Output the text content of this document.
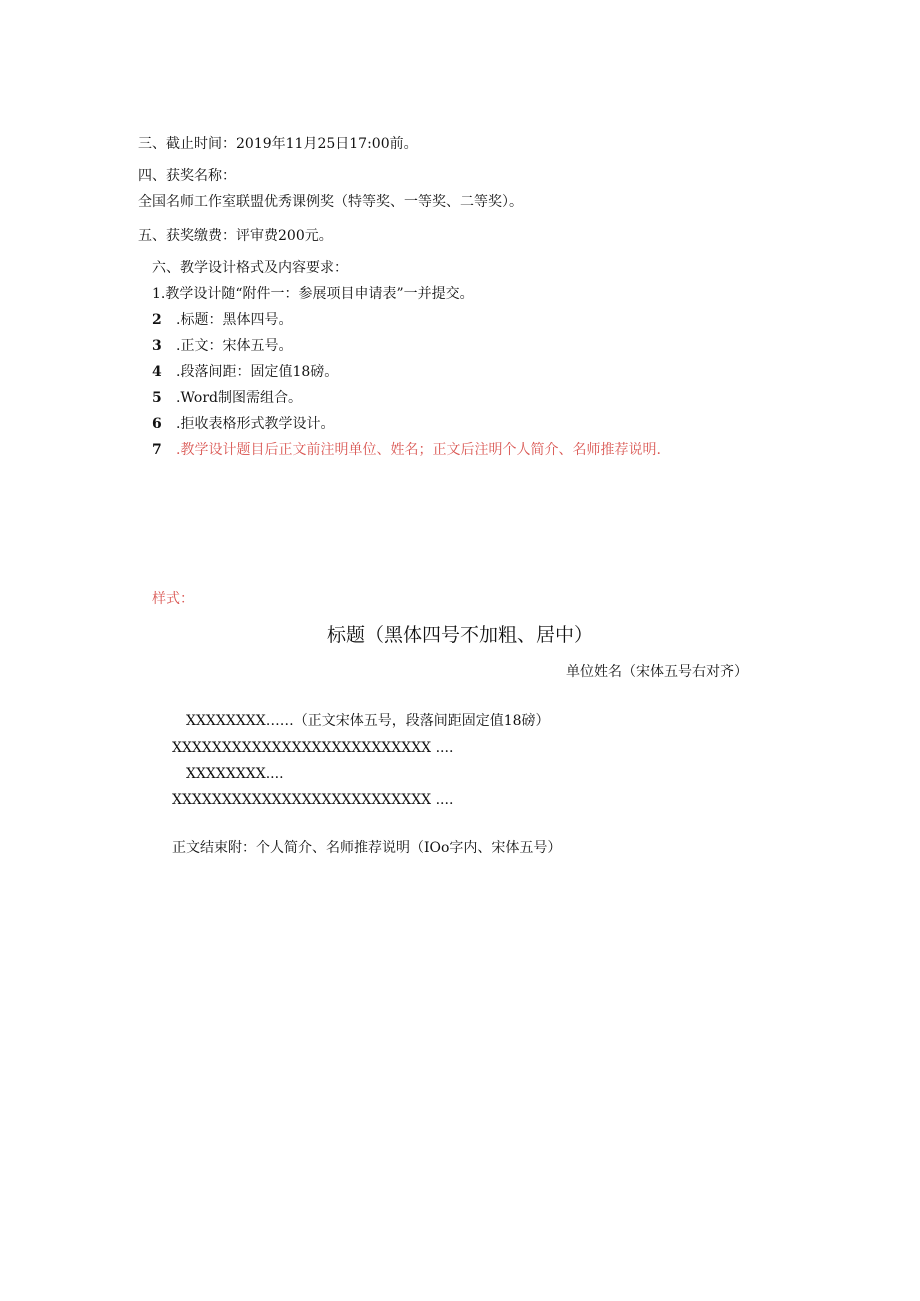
三、截止时间：2019年11月25日17:00前。
四、获奖名称：
全国名师工作室联盟优秀课例奖（特等奖、一等奖、二等奖）。
五、获奖缴费：评审费200元。
六、教学设计格式及内容要求：
1.教学设计随“附件一：参展项目申请表”一并提交。
2 .标题：黑体四号。
3 .正文：宋体五号。
4 .段落间距：固定值18磅。
5 .Word制图需组合。
6 .拒收表格形式教学设计。
7 .教学设计题目后正文前注明单位、姓名；正文后注明个人简介、名师推荐说明.
样式：
标题（黑体四号不加粗、居中）
单位姓名（宋体五号右对齐）
XXXXXXXX……（正文宋体五号，段落间距固定值18磅）
XXXXXXXXXXXXXXXXXXXXXXXXXX ....
XXXXXXXX....
XXXXXXXXXXXXXXXXXXXXXXXXXX ....
正文结束附：个人简介、名师推荐说明（IOo字内、宋体五号）
